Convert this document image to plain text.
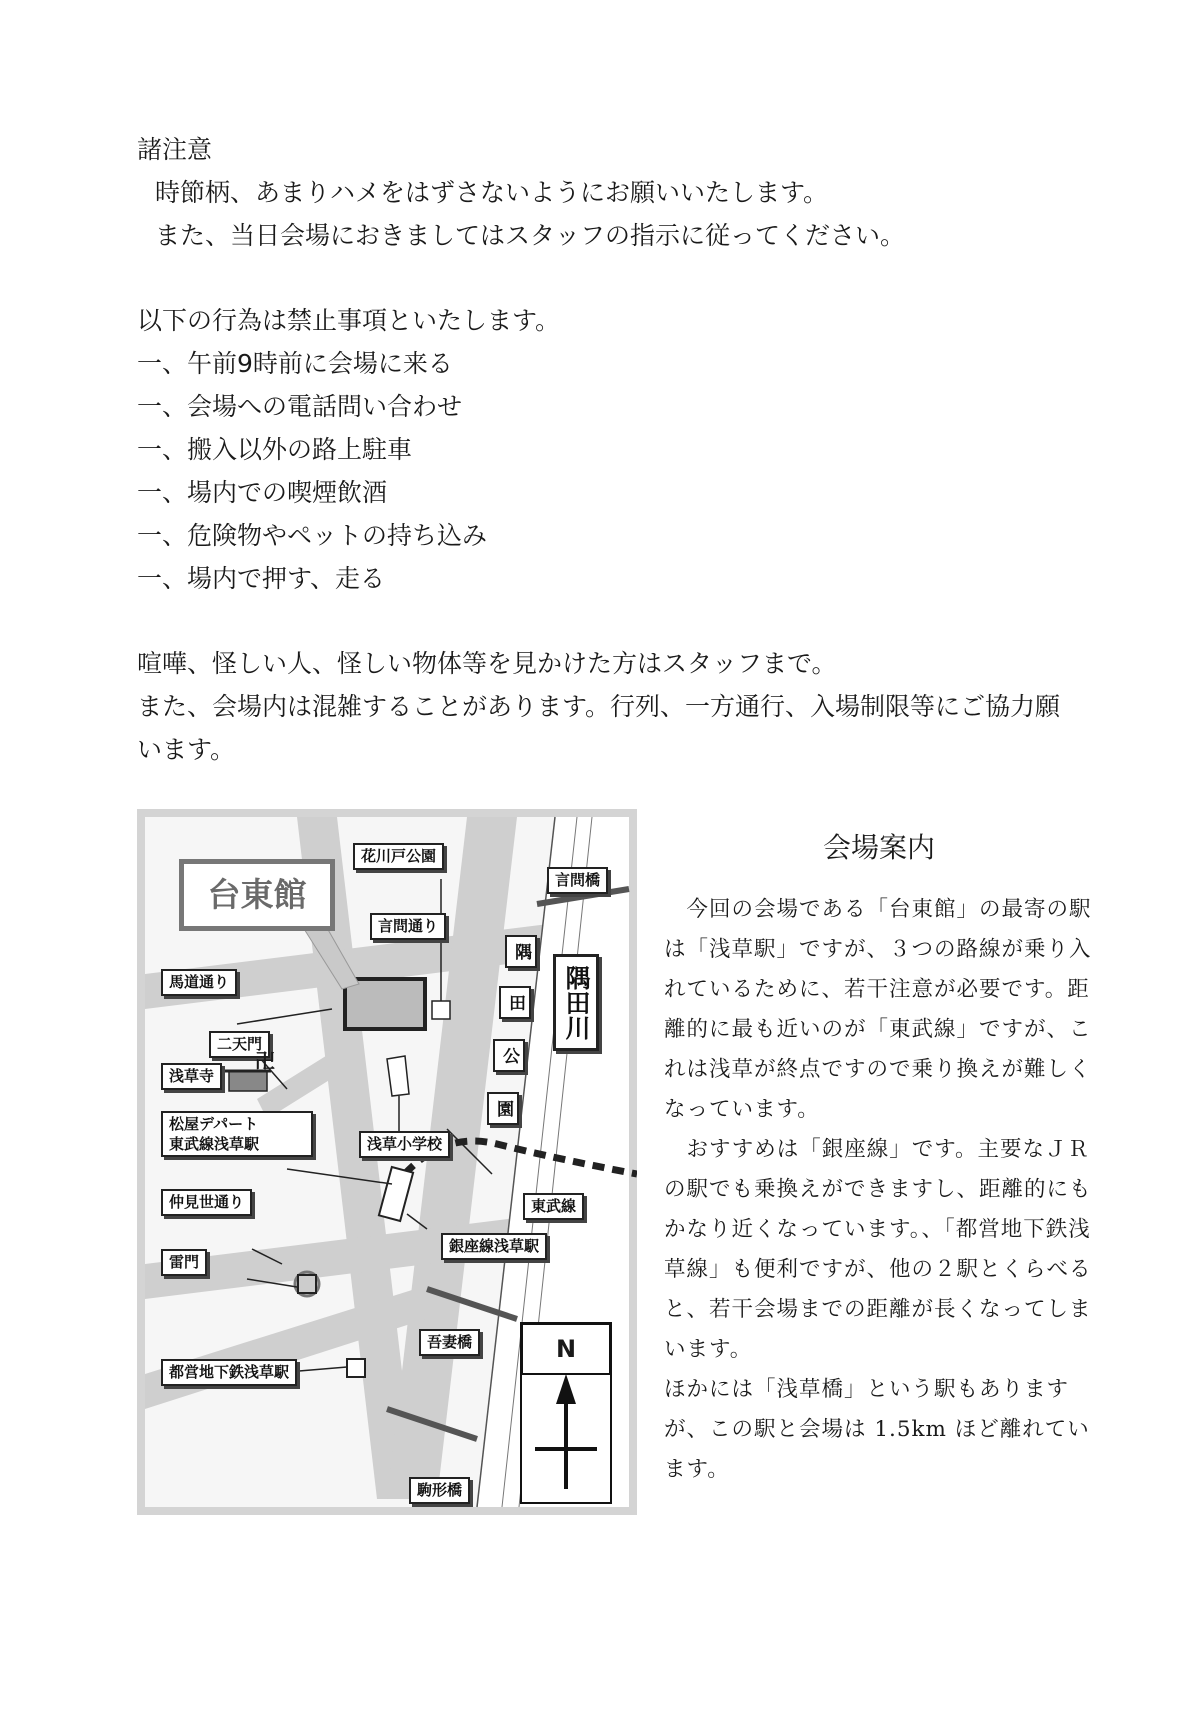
諸注意
時節柄、あまりハメをはずさないようにお願いいたします。
また、当日会場におきましてはスタッフの指示に従ってください。
以下の行為は禁止事項といたします。
一、午前9時前に会場に来る
一、会場への電話問い合わせ
一、搬入以外の路上駐車
一、場内での喫煙飲酒
一、危険物やペットの持ち込み
一、場内で押す、走る
喧嘩、怪しい人、怪しい物体等を見かけた方はスタッフまで。
また、会場内は混雑することがあります。行列、一方通行、入場制限等にご協力願います。
台東館
花川戸公園
言問橋
言問通り
隅
田
公
園
隅田川
馬道通り
二天門
浅草寺
卍
松屋デパート
東武線浅草駅	浅草小学校
東武線
仲見世通り
銀座線浅草駅
雷門
吾妻橋
都営地下鉄浅草駅
駒形橋
N
会場案内

　今回の会場である「台東館」の最寄の駅は「浅草駅」ですが、３つの路線が乗り入れているために、若干注意が必要です。距離的に最も近いのが「東武線」ですが、これは浅草が終点ですので乗り換えが難しくなっています。

　おすすめは「銀座線」です。主要なＪＲの駅でも乗換えができますし、距離的にもかなり近くなっています。、「都営地下鉄浅草線」も便利ですが、他の２駅とくらべると、若干会場までの距離が長くなってしまいます。

ほかには「浅草橋」という駅もありますが、この駅と会場は 1.5km ほど離れています。
